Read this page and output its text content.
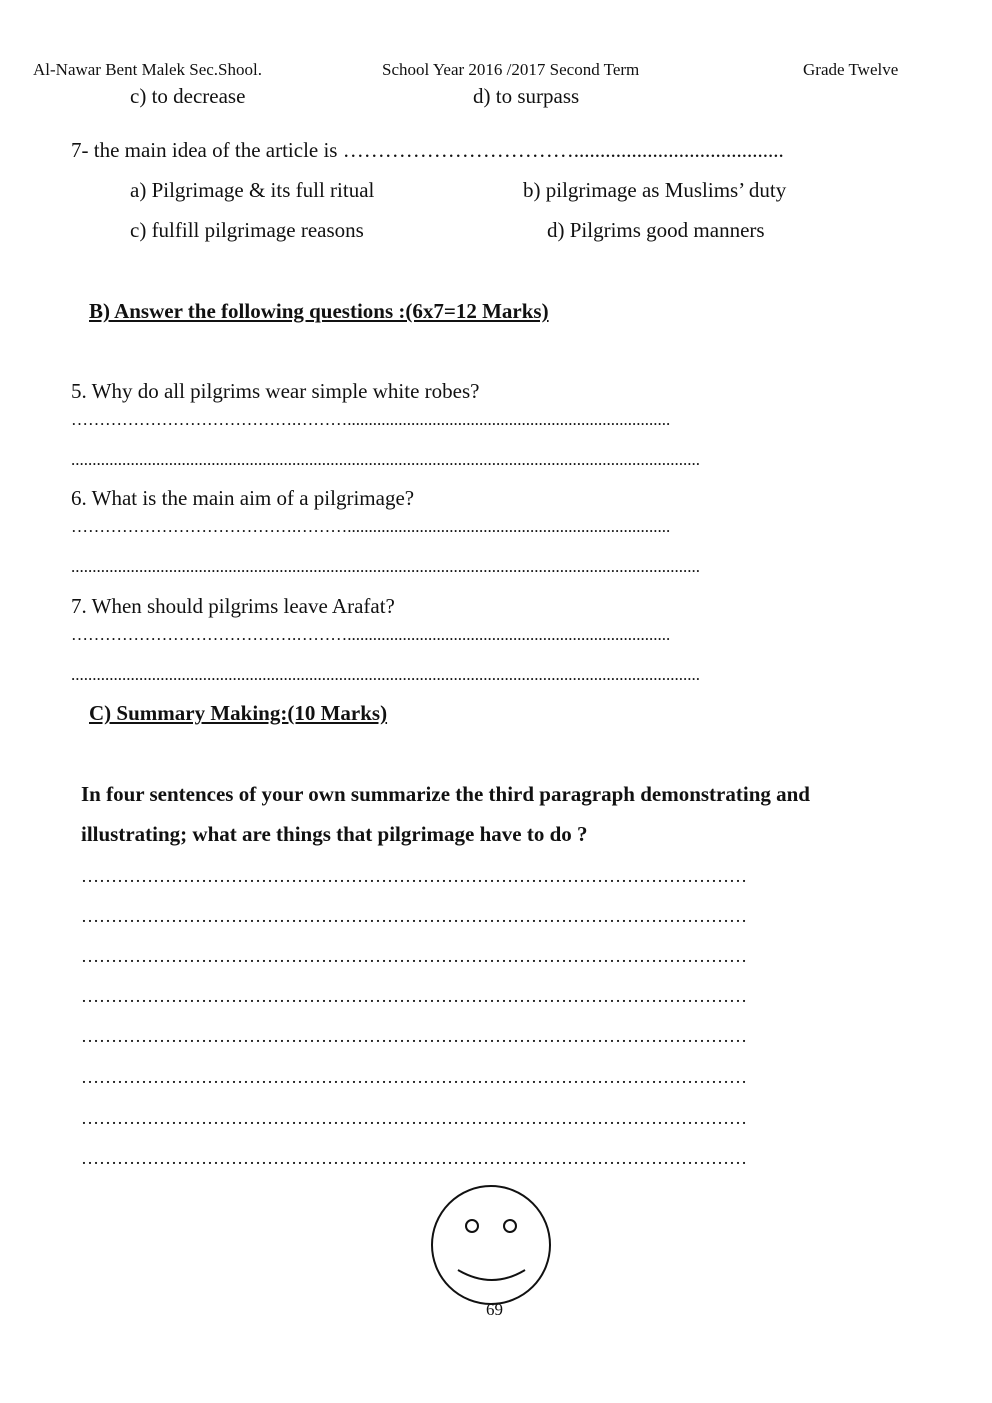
Al-Nawar Bent Malek Sec.Shool.	School Year 2016 /2017 Second Term	Grade Twelve
c) to decrease	d) to surpass
7- the main idea of the article is ……………………………........................................
a) Pilgrimage & its full ritual	b) pilgrimage as Muslims’ duty
c) fulfill pilgrimage reasons	d) Pilgrims good manners
B) Answer the following questions :(6x7=12 Marks)
5. Why do all pilgrims wear simple white robes?
………………………………….………............................................................................
....................................................................................................................................................
6. What is the main aim of a pilgrimage?
………………………………….………............................................................................
....................................................................................................................................................
7. When should pilgrims leave Arafat?
………………………………….………............................................................................
....................................................................................................................................................
C) Summary Making:(10 Marks)
In four sentences of your own summarize the third paragraph demonstrating and
illustrating; what are things that pilgrimage have to do ?
…………………………………………………………………………………………………
…………………………………………………………………………………………………
…………………………………………………………………………………………………
…………………………………………………………………………………………………
…………………………………………………………………………………………………
…………………………………………………………………………………………………
…………………………………………………………………………………………………
…………………………………………………………………………………………………
69
